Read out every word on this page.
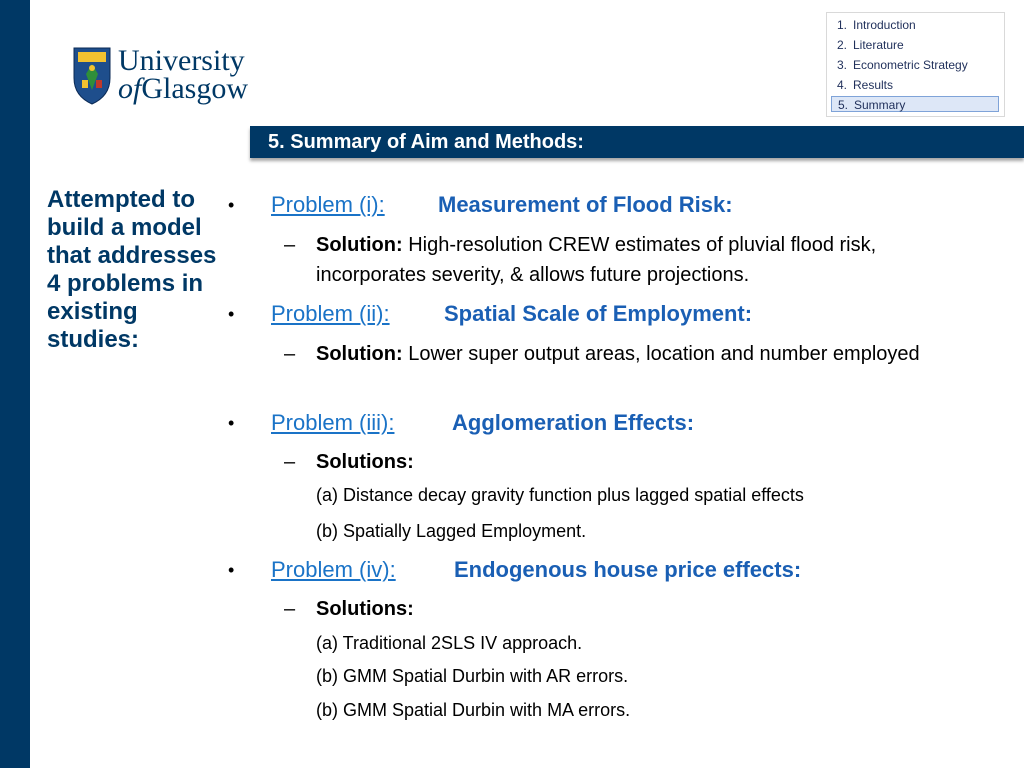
University
ofGlasgow
1. Introduction
2. Literature
3. Econometric Strategy
4. Results
5. Summary
5. Summary of Aim and Methods:
Attempted to build a model that addresses 4 problems in existing studies:
• Problem (i): Measurement of Flood Risk:
– Solution: High-resolution CREW estimates of pluvial flood risk, incorporates severity, & allows future projections.
• Problem (ii): Spatial Scale of Employment:
– Solution: Lower super output areas, location and number employed
• Problem (iii):	Agglomeration Effects:
– Solutions:
(a) Distance decay gravity function plus lagged spatial effects
(b) Spatially Lagged Employment.
• Problem (iv):	Endogenous house price effects:
– Solutions:
(a) Traditional 2SLS IV approach.
(b) GMM Spatial Durbin with AR errors.
(b) GMM Spatial Durbin with MA errors.
